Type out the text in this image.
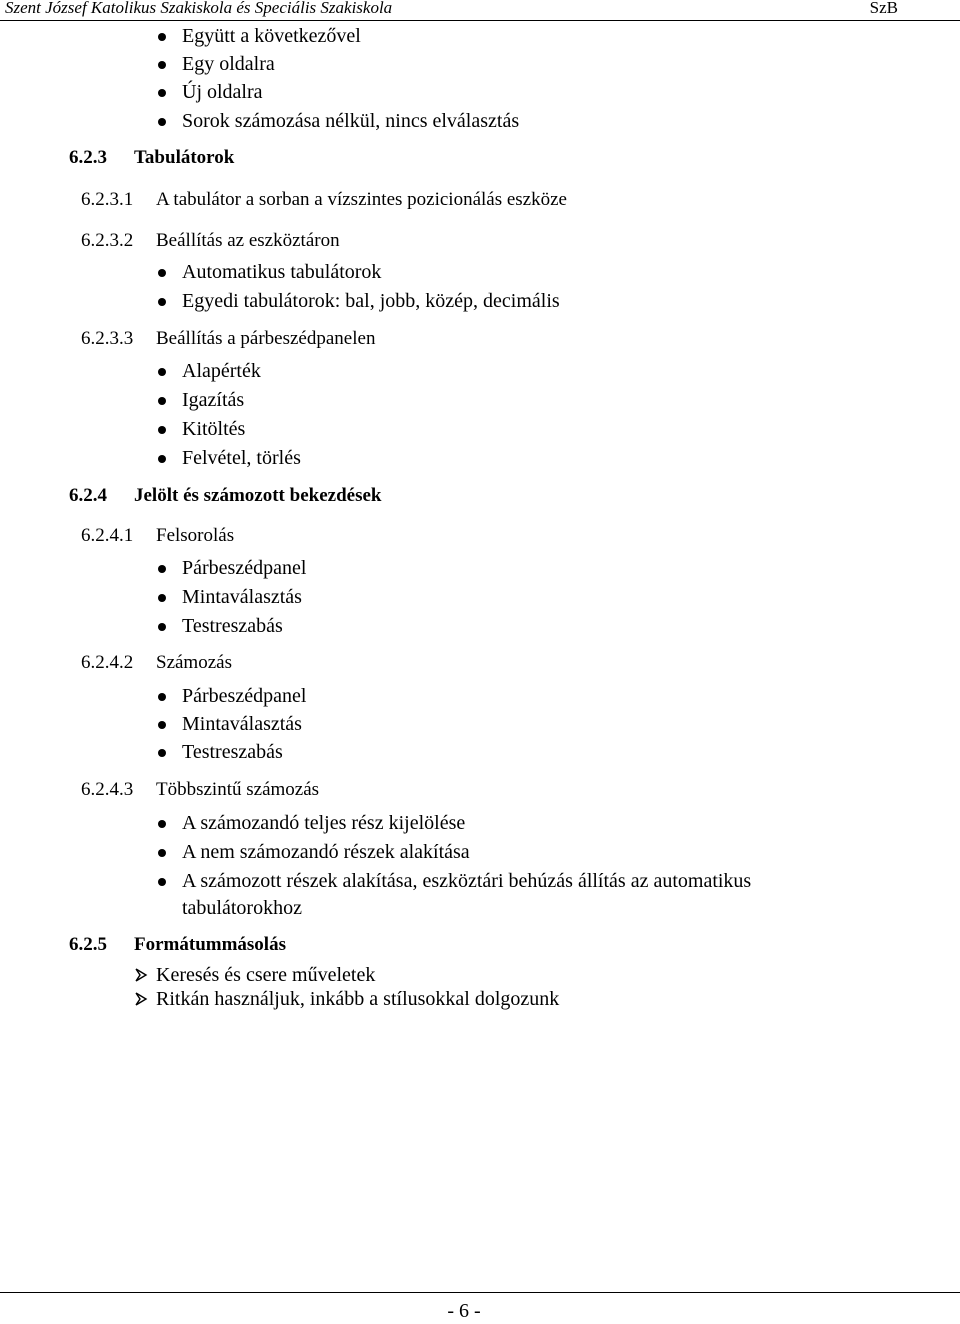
Szent József Katolikus Szakiskola és Speciális Szakiskola	SzB
Együtt a következővel
Egy oldalra
Új oldalra
Sorok számozása nélkül, nincs elválasztás
6.2.3 Tabulátorok
6.2.3.1 A tabulátor a sorban a vízszintes pozicionálás eszköze
6.2.3.2 Beállítás az eszköztáron
Automatikus tabulátorok
Egyedi tabulátorok: bal, jobb, közép, decimális
6.2.3.3 Beállítás a párbeszédpanelen
Alapérték
Igazítás
Kitöltés
Felvétel, törlés
6.2.4 Jelölt és számozott bekezdések
6.2.4.1 Felsorolás
Párbeszédpanel
Mintaválasztás
Testreszabás
6.2.4.2 Számozás
Párbeszédpanel
Mintaválasztás
Testreszabás
6.2.4.3 Többszintű számozás
A számozandó teljes rész kijelölése
A nem számozandó részek alakítása
A számozott részek alakítása, eszköztári behúzás állítás az automatikus
tabulátorokhoz
6.2.5 Formátummásolás
Keresés és csere műveletek
Ritkán használjuk, inkább a stílusokkal dolgozunk
- 6 -
